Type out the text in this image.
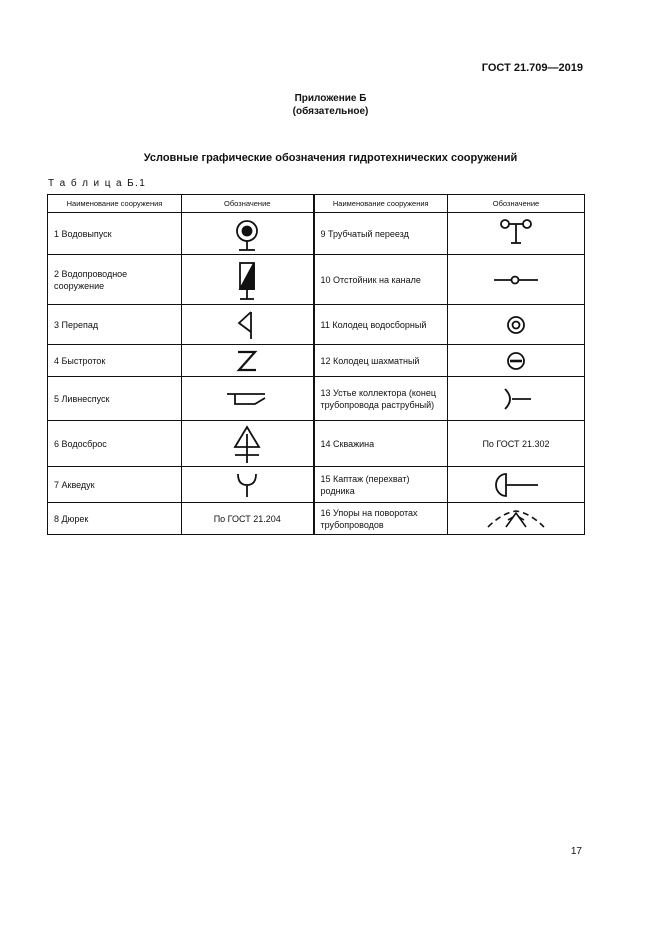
ГОСТ 21.709—2019
Приложение Б
(обязательное)
Условные графические обозначения гидротехнических сооружений
Т а б л и ц а Б.1
Наименование сооружения	Обозначение	Наименование сооружения	Обозначение
1 Водовыпуск		9 Трубчатый переезд	

2 Водопроводное сооружение		10 Отстойник на канале	

3 Перепад		11 Колодец водосборный	

4 Быстроток		12 Колодец шахматный	

5 Ливнеспуск		13 Устье коллектора (конец трубопровода раструбный)	

6 Водосброс		14 Скважина	По ГОСТ 21.302
7 Акведук		15 Каптаж (перехват) родника	

8 Дюрек	По ГОСТ 21.204	16 Упоры на поворотах трубопроводов	
17
